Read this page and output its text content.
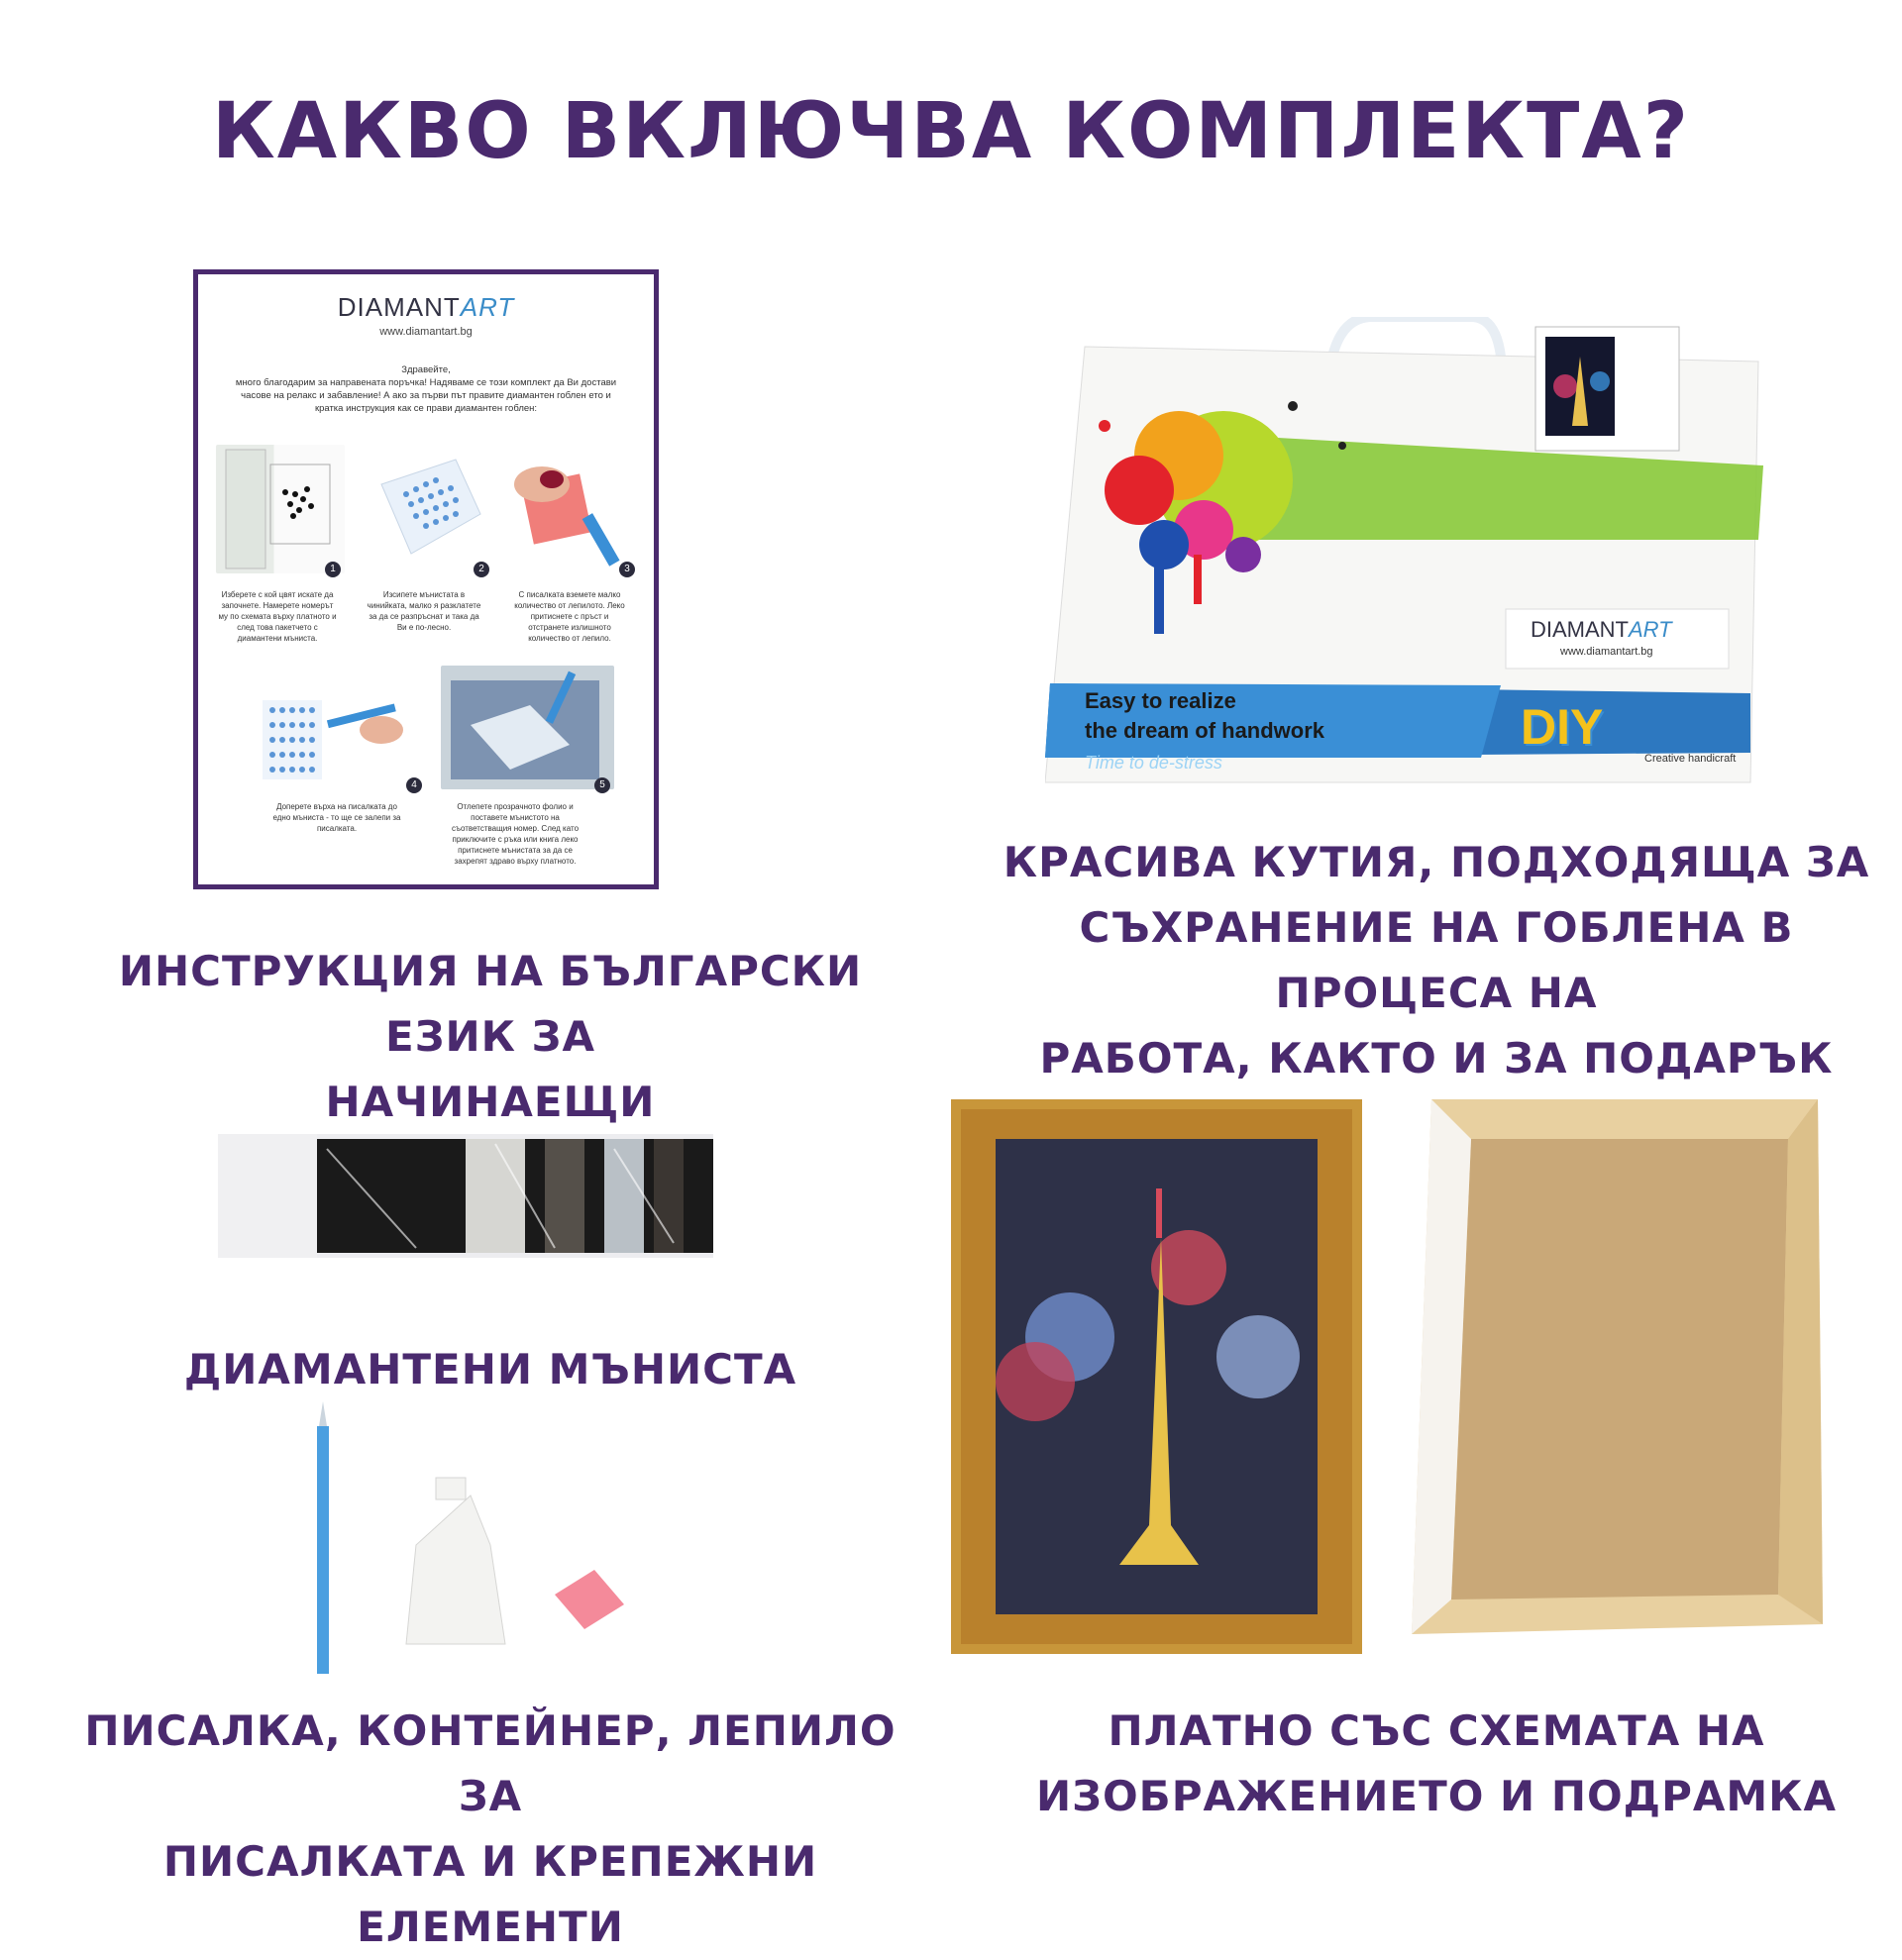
КАКВО ВКЛЮЧВА КОМПЛЕКТА?
DIAMANTART
www.diamantart.bg
Здравейте,
много благодарим за направената поръчка! Надяваме се този комплект да Ви достави часове на релакс и забавление! А ако за първи път правите диамантен гоблен ето и кратка инструкция как се прави диамантен гоблен:
1
Изберете с кой цвят искате да започнете. Намерете номерът му по схемата върху платното и след това пакетчето с диамантени мъниста.
2
Изсипете мънистата в чинийката, малко я разклатете за да се разпръснат и така да Ви е по-лесно.
3
С писалката вземете малко количество от лепилото. Леко притиснете с пръст и отстранете излишното количество от лепило.
4
Доперете върха на писалката до едно мъниста - то ще се залепи за писалката.
5
Отлепете прозрачното фолио и поставете мънистото на съответстващия номер. След като приключите с ръка или книга леко притиснете мънистата за да се захрепят здраво върху платното.
ИНСТРУКЦИЯ НА БЪЛГАРСКИ ЕЗИК ЗА
НАЧИНАЕЩИ
DIAMANTART
www.diamantart.bg
Easy to realize
the dream of handwork
Time to de-stress
DIY
Creative handicraft
КРАСИВА КУТИЯ, ПОДХОДЯЩА ЗА
СЪХРАНЕНИЕ НА ГОБЛЕНА В ПРОЦЕСА НА
РАБОТА, КАКТО И ЗА ПОДАРЪК
ДИАМАНТЕНИ МЪНИСТА
ПИСАЛКА, КОНТЕЙНЕР, ЛЕПИЛО ЗА
ПИСАЛКАТА И КРЕПЕЖНИ ЕЛЕМЕНТИ
ПЛАТНО СЪС СХЕМАТА НА
ИЗОБРАЖЕНИЕТО И ПОДРАМКА
